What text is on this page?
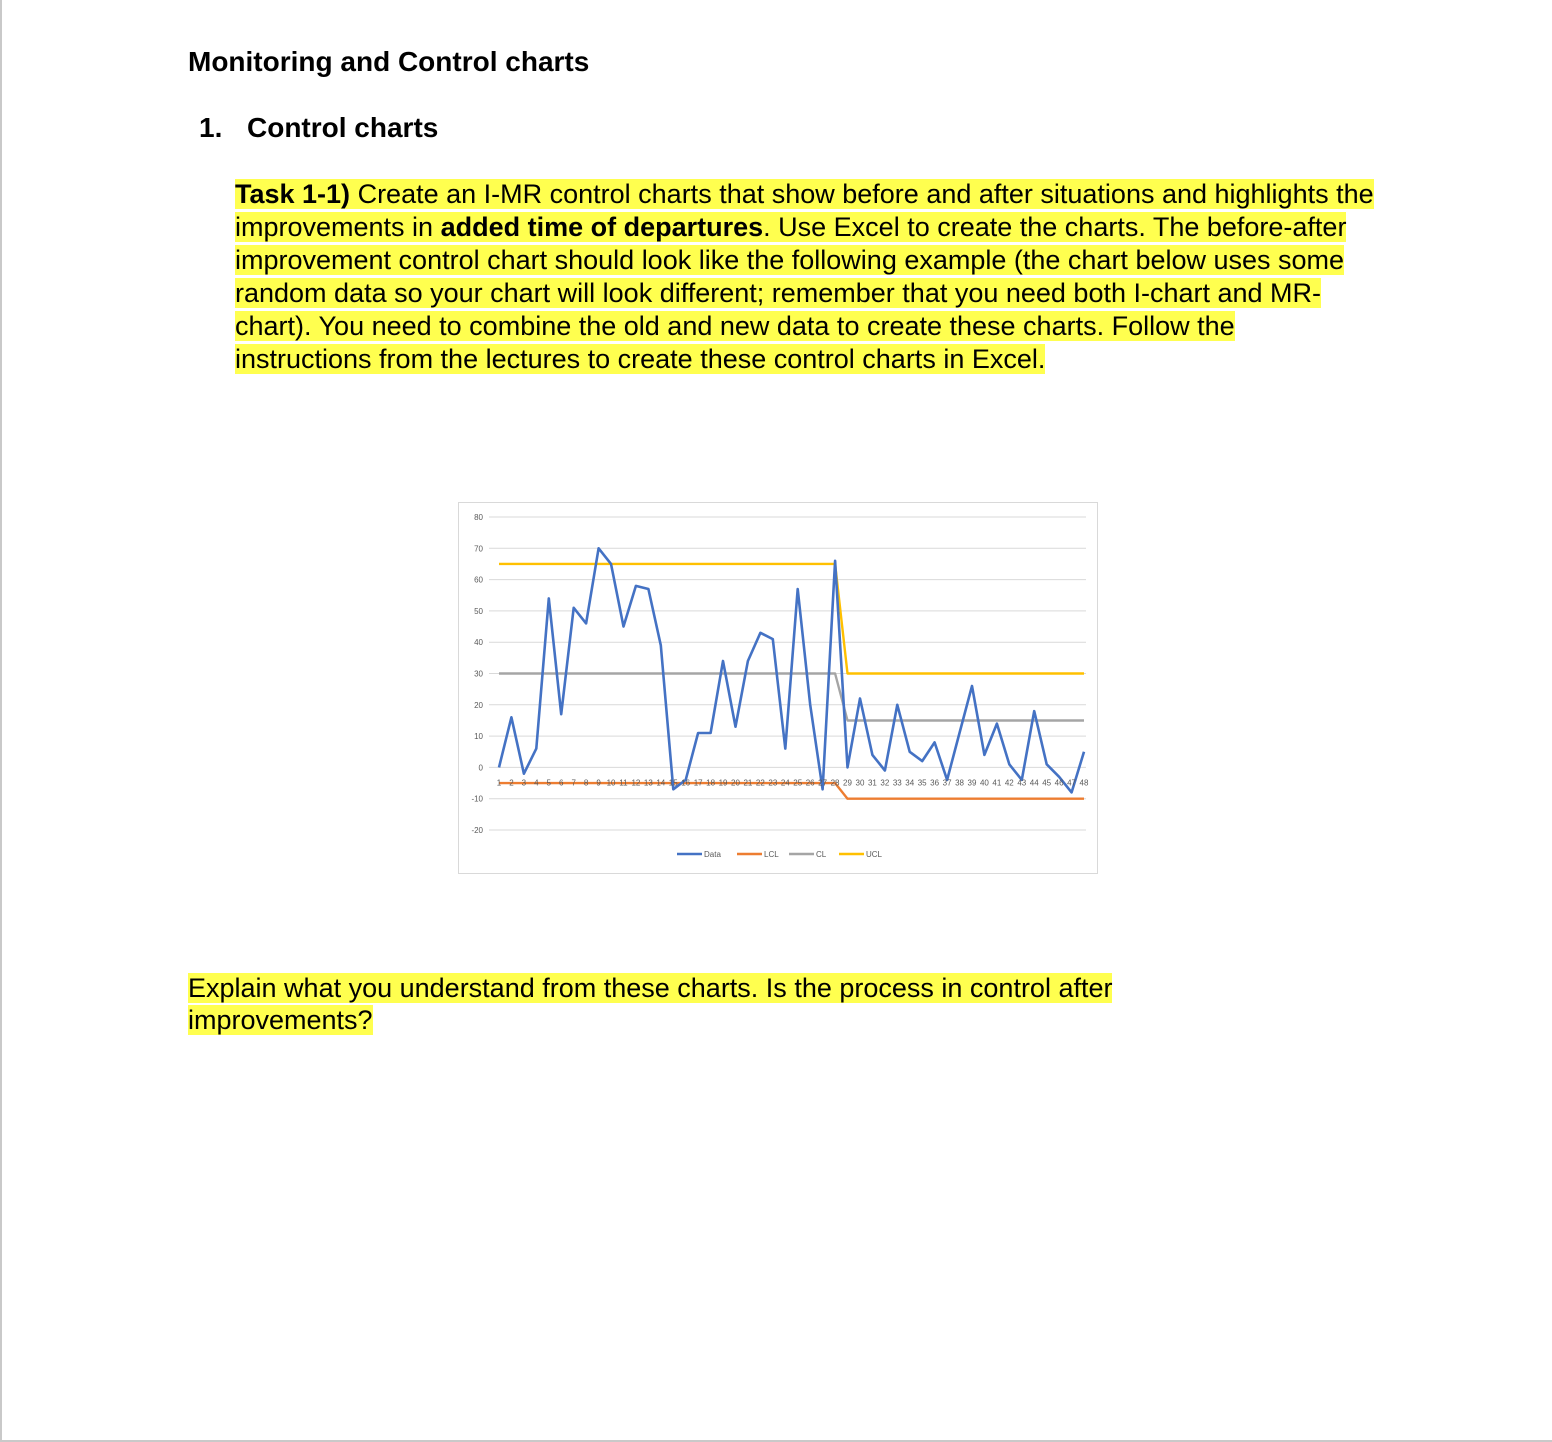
Monitoring and Control charts
1. Control charts

Task 1-1) Create an I-MR control charts that show before and after situations and highlights the improvements in added time of departures. Use Excel to create the charts. The before-after improvement control chart should look like the following example (the chart below uses some random data so your chart will look different; remember that you need both I-chart and MR-chart). You need to combine the old and new data to create these charts. Follow the instructions from the lectures to create these control charts in Excel.

80
70
60
50
40
30
20
10
0
-10
-20
1 2 3 4 5 6 7 8 9 10 11 12 13 14 15 16 17 18 19 20 21 22 23 24 25 26 27 28 29 30 31 32 33 34 35 36 37 38 39 40 41 42 43 44 45 46 47 48
Data	LCL	CL	UCL

Explain what you understand from these charts. Is the process in control after improvements?
